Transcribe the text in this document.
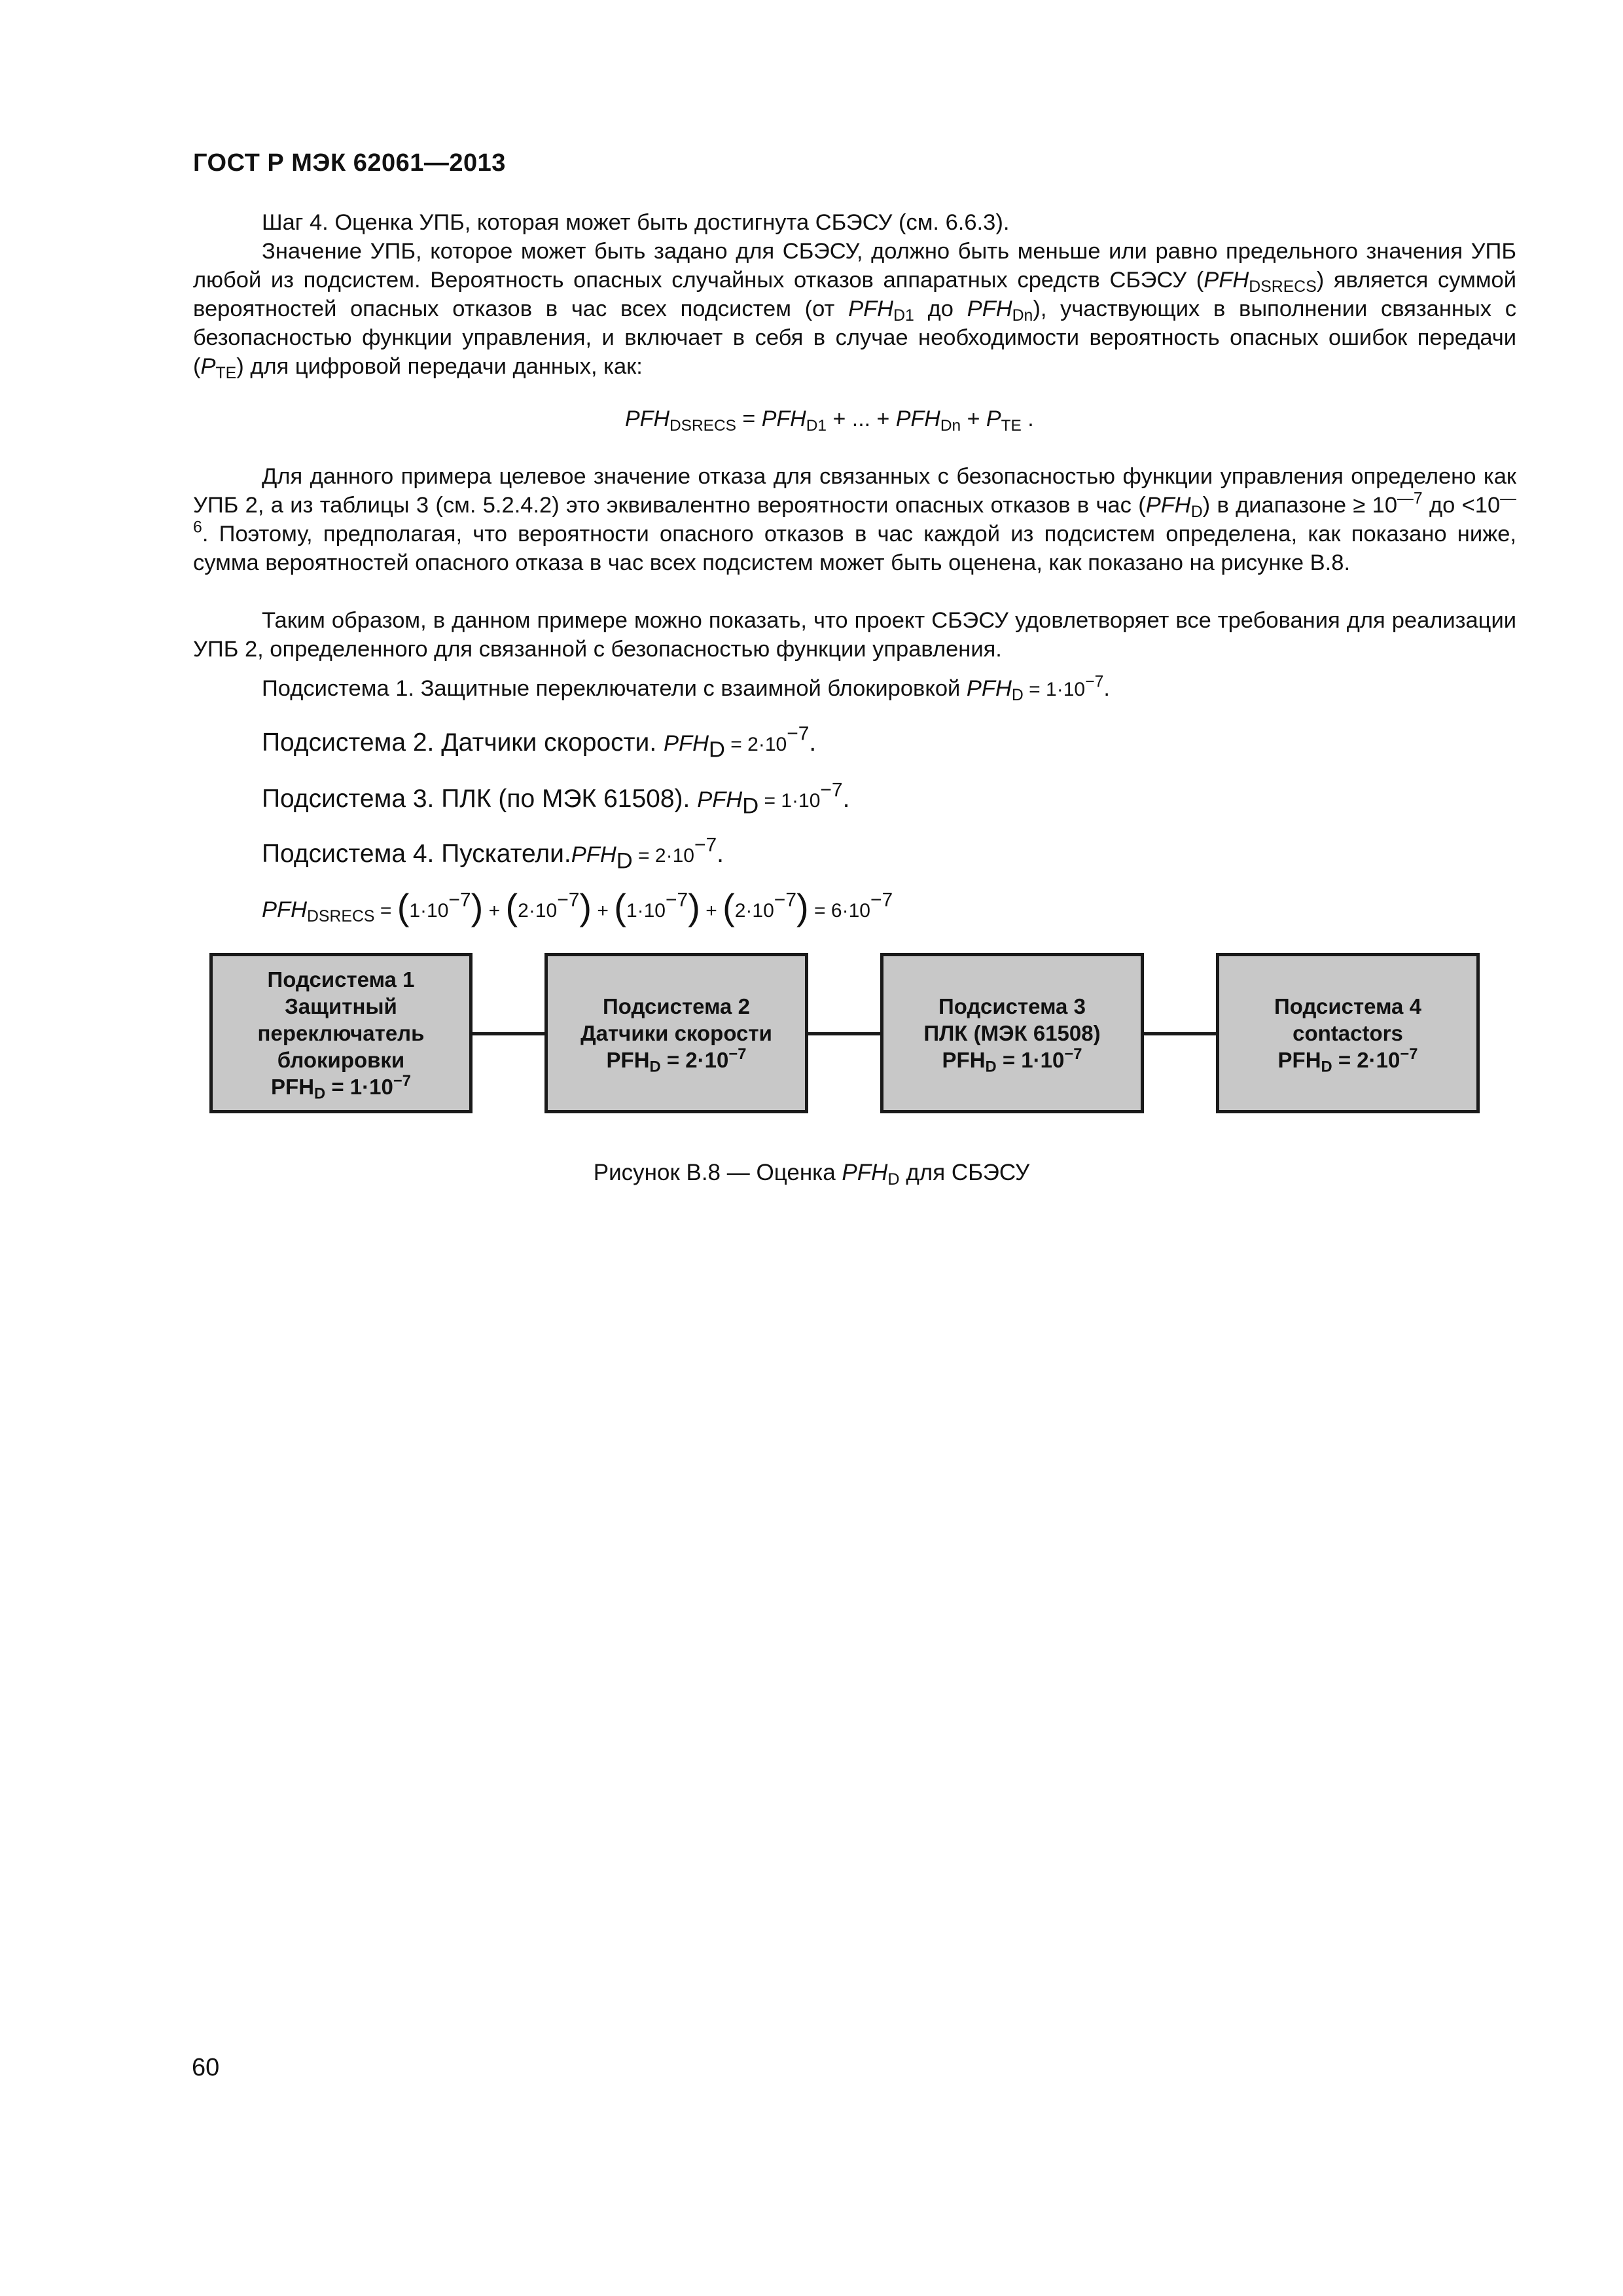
ГОСТ Р МЭК 62061—2013
Шаг 4. Оценка УПБ, которая может быть достигнута СБЭСУ (см. 6.6.3).
Значение УПБ, которое может быть задано для СБЭСУ, должно быть меньше или равно предельного значения УПБ любой из подсистем. Вероятность опасных случайных отказов аппаратных средств СБЭСУ $(PFH_{DSRECS})$ является суммой вероятностей опасных отказов в час всех подсистем (от $PFH_{D1}$ до $PFH_{Dn}$), участвующих в выполнении связанных с безопасностью функции управления, и включает в себя в случае необходимости вероятность опасных ошибок передачи $(P_{TE})$ для цифровой передачи данных, как:
$PFH_{DSRECS} = PFH_{D1}$ + ... + $PFH_{Dn} + P_{TE}$ .
Для данного примера целевое значение отказа для связанных с безопасностью функции управления определено как УПБ 2, а из таблицы 3 (см. 5.2.4.2) это эквивалентно вероятности опасных отказов в час $(PFH_D)$ в диапазоне ≥ $10^{—7}$ до $<10^{—6}$. Поэтому, предполагая, что вероятности опасного отказов в час каждой из подсистем определена, как показано ниже, сумма вероятностей опасного отказа в час всех подсистем может быть оценена, как показано на рисунке В.8.
Таким образом, в данном примере можно показать, что проект СБЭСУ удовлетворяет все требования для реализации УПБ 2, определенного для связанной с безопасностью функции управления.
Подсистема 1. Защитные переключатели с взаимной блокировкой $PFH_D = 1\cdot 10^{-7}$.
Подсистема 2. Датчики скорости. $PFH_D = 2\cdot 10^{-7}$.
Подсистема 3. ПЛК (по МЭК 61508). $PFH_D = 1\cdot 10^{-7}$.
Подсистема 4. $Пускатели.PFH_D = 2\cdot 10^{-7}$.
$PFH_{DSRECS} = (1\cdot 10^{-7}) + (2\cdot 10^{-7}) + (1\cdot 10^{-7}) + (2\cdot 10^{-7}) = 6\cdot 10^{-7}$
Подсистема 1
Защитный
переключатель
блокировки
$PFH_D = 1\cdot 10^{-7}$
Подсистема 2
Датчики скорости
$PFH_D = 2\cdot 10^{-7}$
Подсистема 3
ПЛК (МЭК 61508)
$PFH_D = 1\cdot 10^{-7}$
Подсистема 4
contactors
$PFH_D = 2\cdot 10^{-7}$
Рисунок В.8 — Оценка $PFH_D$ для СБЭСУ
60
